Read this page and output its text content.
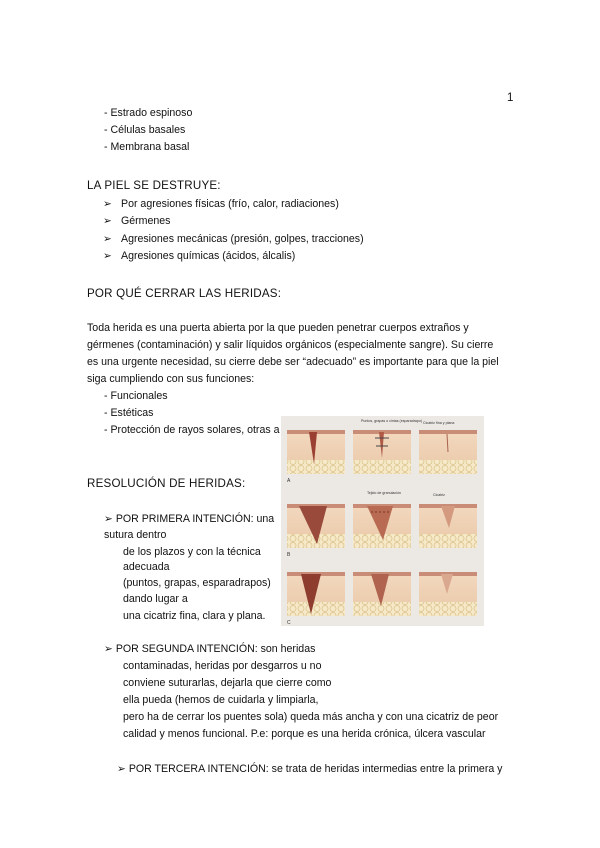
1
- Estrado espinoso
- Células basales
- Membrana basal
LA PIEL SE DESTRUYE:
➢ Por agresiones físicas (frío, calor, radiaciones)
➢ Gérmenes
➢ Agresiones mecánicas (presión, golpes, tracciones)
➢ Agresiones químicas (ácidos, álcalis)
POR QUÉ CERRAR LAS HERIDAS:
Toda herida es una puerta abierta por la que pueden penetrar cuerpos extraños y
gérmenes (contaminación) y salir líquidos orgánicos (especialmente sangre). Su cierre
es una urgente necesidad, su cierre debe ser “adecuado” es importante para que la piel
siga cumpliendo con sus funciones:
- Funcionales
- Estéticas
- Protección de rayos solares, otras a
Puntos, grapas o cintas (esparadrapo) Cicatriz fina y plana
Tejido de granulación	Cicatriz
A
B
C
RESOLUCIÓN DE HERIDAS:
➢ POR PRIMERA INTENCIÓN: una
sutura dentro
de los plazos y con la técnica
adecuada
(puntos, grapas, esparadrapos)
dando lugar a
una cicatriz fina, clara y plana.
➢ POR SEGUNDA INTENCIÓN: son heridas
contaminadas, heridas por desgarros u no
conviene suturarlas, dejarla que cierre como
ella pueda (hemos de cuidarla y limpiarla,
pero ha de cerrar los puentes sola) queda más ancha y con una cicatriz de peor
calidad y menos funcional. P.e: porque es una herida crónica, úlcera vascular
➢ POR TERCERA INTENCIÓN: se trata de heridas intermedias entre la primera y
